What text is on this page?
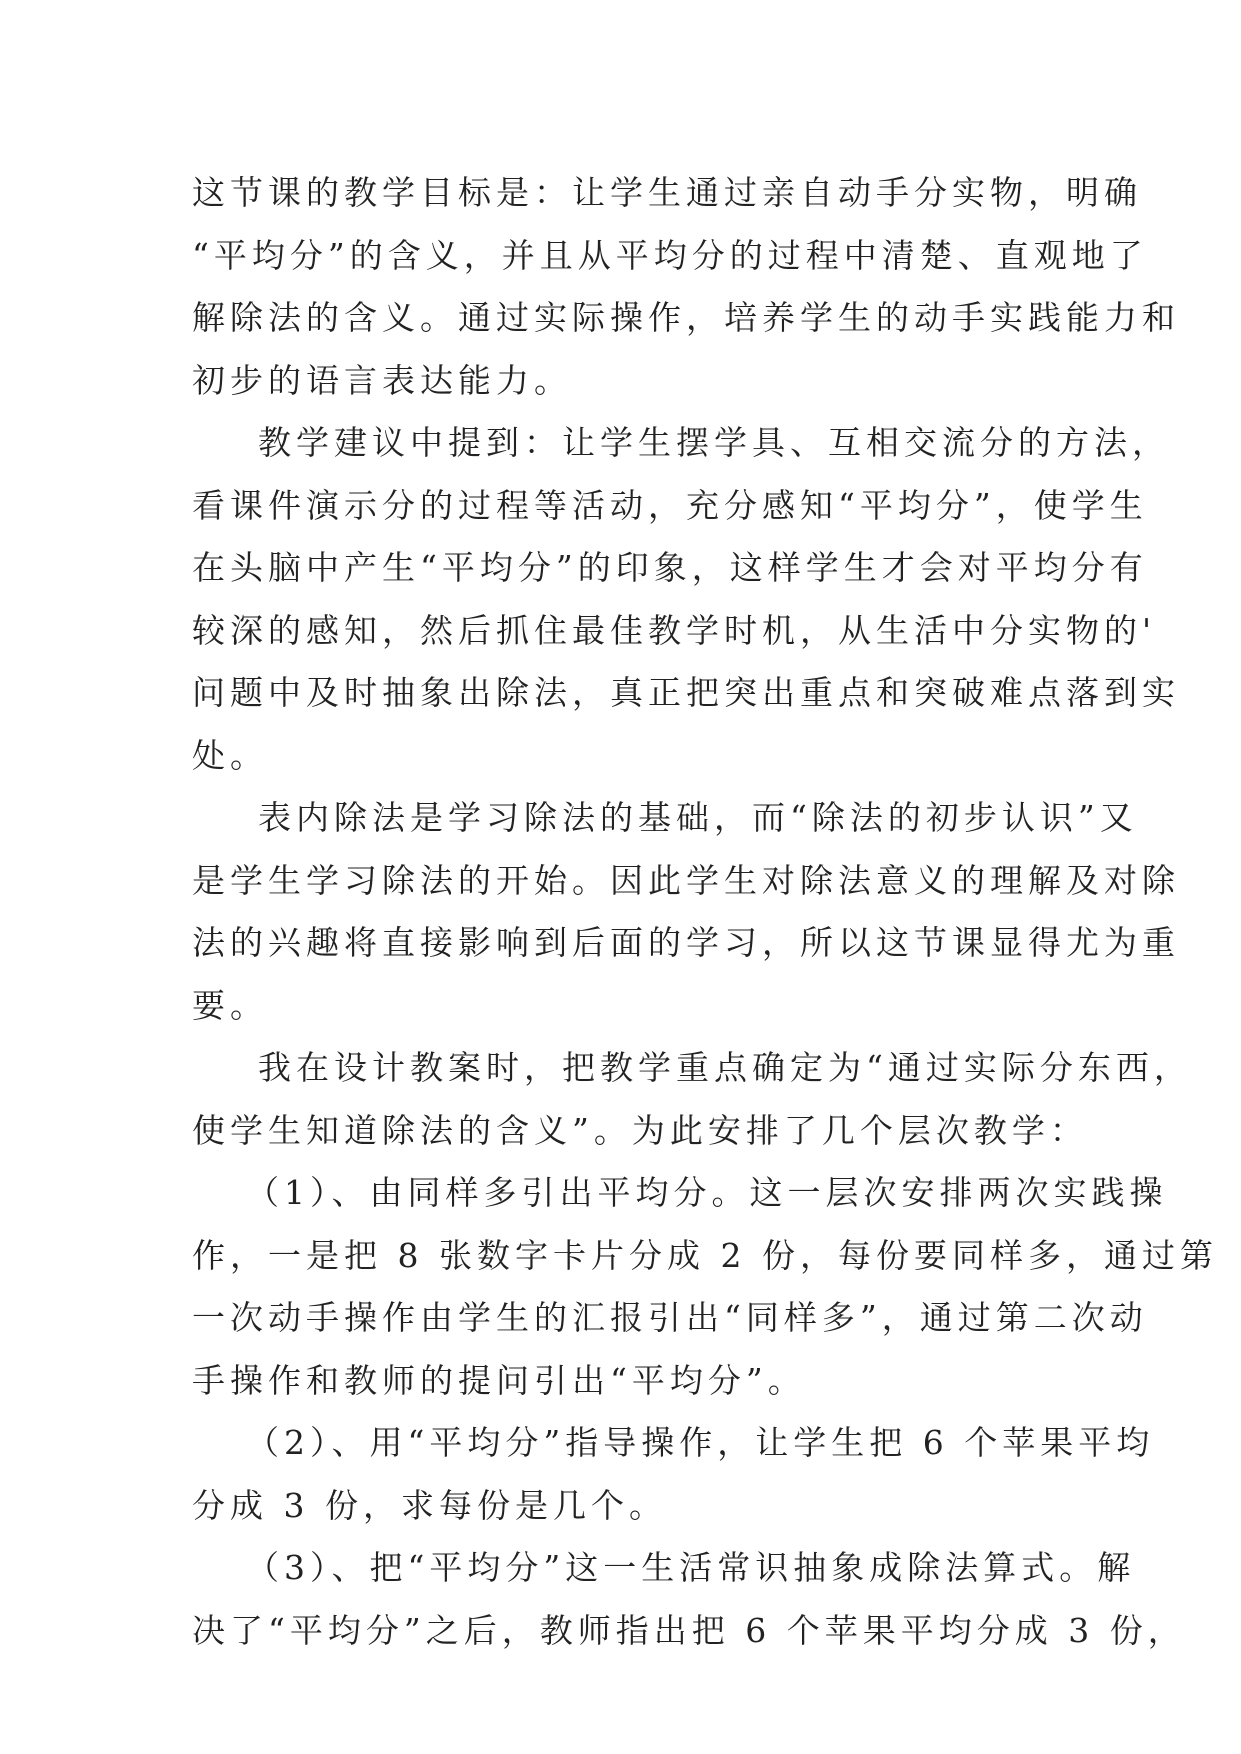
这节课的教学目标是：让学生通过亲自动手分实物，明确
“平均分”的含义，并且从平均分的过程中清楚、直观地了
解除法的含义。通过实际操作，培养学生的动手实践能力和
初步的语言表达能力。

教学建议中提到：让学生摆学具、互相交流分的方法，
看课件演示分的过程等活动，充分感知“平均分”，使学生
在头脑中产生“平均分”的印象，这样学生才会对平均分有
较深的感知，然后抓住最佳教学时机，从生活中分实物的'
问题中及时抽象出除法，真正把突出重点和突破难点落到实
处。

表内除法是学习除法的基础，而“除法的初步认识”又
是学生学习除法的开始。因此学生对除法意义的理解及对除
法的兴趣将直接影响到后面的学习，所以这节课显得尤为重
要。

我在设计教案时，把教学重点确定为“通过实际分东西，
使学生知道除法的含义”。为此安排了几个层次教学：

（1）、由同样多引出平均分。这一层次安排两次实践操
作，一是把 8 张数字卡片分成 2 份，每份要同样多，通过第
一次动手操作由学生的汇报引出“同样多”，通过第二次动
手操作和教师的提问引出“平均分”。

（2）、用“平均分”指导操作，让学生把 6 个苹果平均
分成 3 份，求每份是几个。

（3）、把“平均分”这一生活常识抽象成除法算式。解
决了“平均分”之后，教师指出把 6 个苹果平均分成 3 份，
